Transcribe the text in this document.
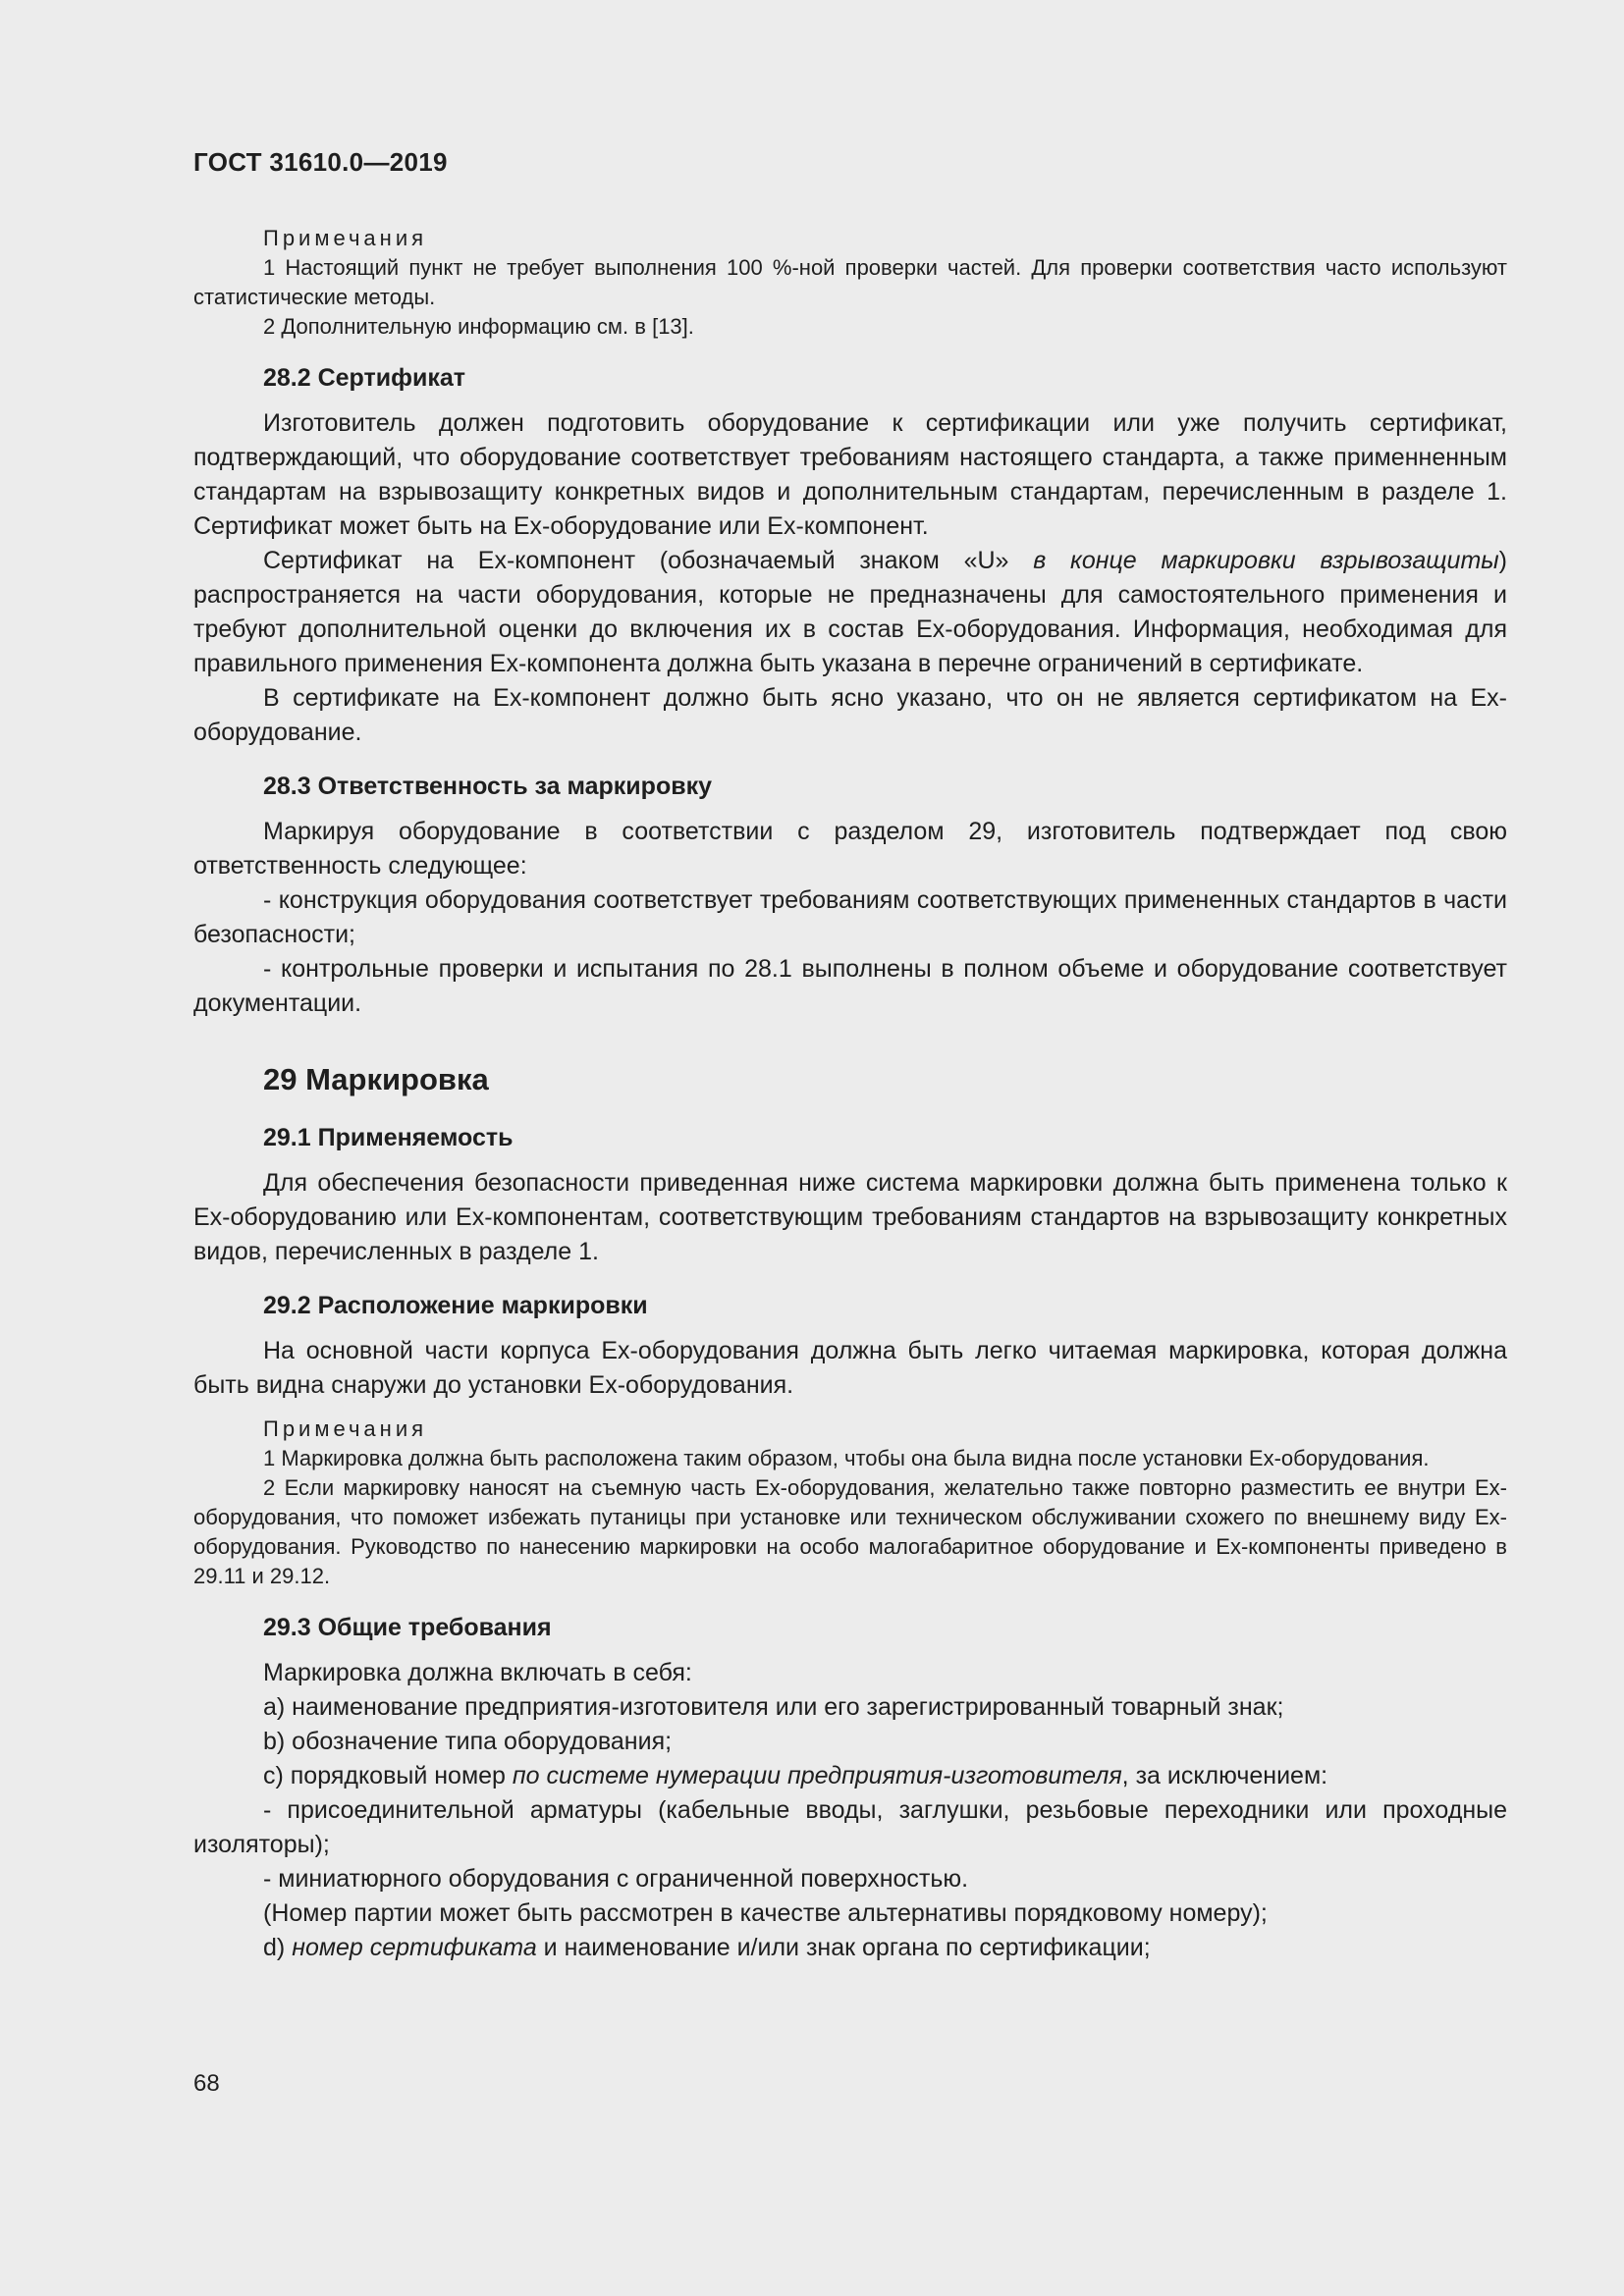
ГОСТ 31610.0—2019

Примечания

1 Настоящий пункт не требует выполнения 100 %-ной проверки частей. Для проверки соответствия часто используют статистические методы.

2 Дополнительную информацию см. в [13].

28.2 Сертификат

Изготовитель должен подготовить оборудование к сертификации или уже получить сертификат, подтверждающий, что оборудование соответствует требованиям настоящего стандарта, а также применненным стандартам на взрывозащиту конкретных видов и дополнительным стандартам, перечисленным в разделе 1. Сертификат может быть на Ex-оборудование или Ex-компонент.

Сертификат на Ex-компонент (обозначаемый знаком «U» в конце маркировки взрывозащиты) распространяется на части оборудования, которые не предназначены для самостоятельного применения и требуют дополнительной оценки до включения их в состав Ex-оборудования. Информация, необходимая для правильного применения Ex-компонента должна быть указана в перечне ограничений в сертификате.

В сертификате на Ex-компонент должно быть ясно указано, что он не является сертификатом на Ex-оборудование.

28.3 Ответственность за маркировку

Маркируя оборудование в соответствии с разделом 29, изготовитель подтверждает под свою ответственность следующее:

- конструкция оборудования соответствует требованиям соответствующих примененных стандартов в части безопасности;

- контрольные проверки и испытания по 28.1 выполнены в полном объеме и оборудование соответствует документации.

29 Маркировка

29.1 Применяемость

Для обеспечения безопасности приведенная ниже система маркировки должна быть применена только к Ex-оборудованию или Ex-компонентам, соответствующим требованиям стандартов на взрывозащиту конкретных видов, перечисленных в разделе 1.

29.2 Расположение маркировки

На основной части корпуса Ex-оборудования должна быть легко читаемая маркировка, которая должна быть видна снаружи до установки Ex-оборудования.

Примечания

1 Маркировка должна быть расположена таким образом, чтобы она была видна после установки Ex-оборудования.

2 Если маркировку наносят на съемную часть Ex-оборудования, желательно также повторно разместить ее внутри Ex-оборудования, что поможет избежать путаницы при установке или техническом обслуживании схожего по внешнему виду Ex-оборудования. Руководство по нанесению маркировки на особо малогабаритное оборудование и Ex-компоненты приведено в 29.11 и 29.12.

29.3 Общие требования

Маркировка должна включать в себя:

а) наименование предприятия-изготовителя или его зарегистрированный товарный знак;

b) обозначение типа оборудования;

с) порядковый номер по системе нумерации предприятия-изготовителя, за исключением:

- присоединительной арматуры (кабельные вводы, заглушки, резьбовые переходники или проходные изоляторы);

- миниатюрного оборудования с ограниченной поверхностью.

(Номер партии может быть рассмотрен в качестве альтернативы порядковому номеру);

d) номер сертификата и наименование и/или знак органа по сертификации;

68
